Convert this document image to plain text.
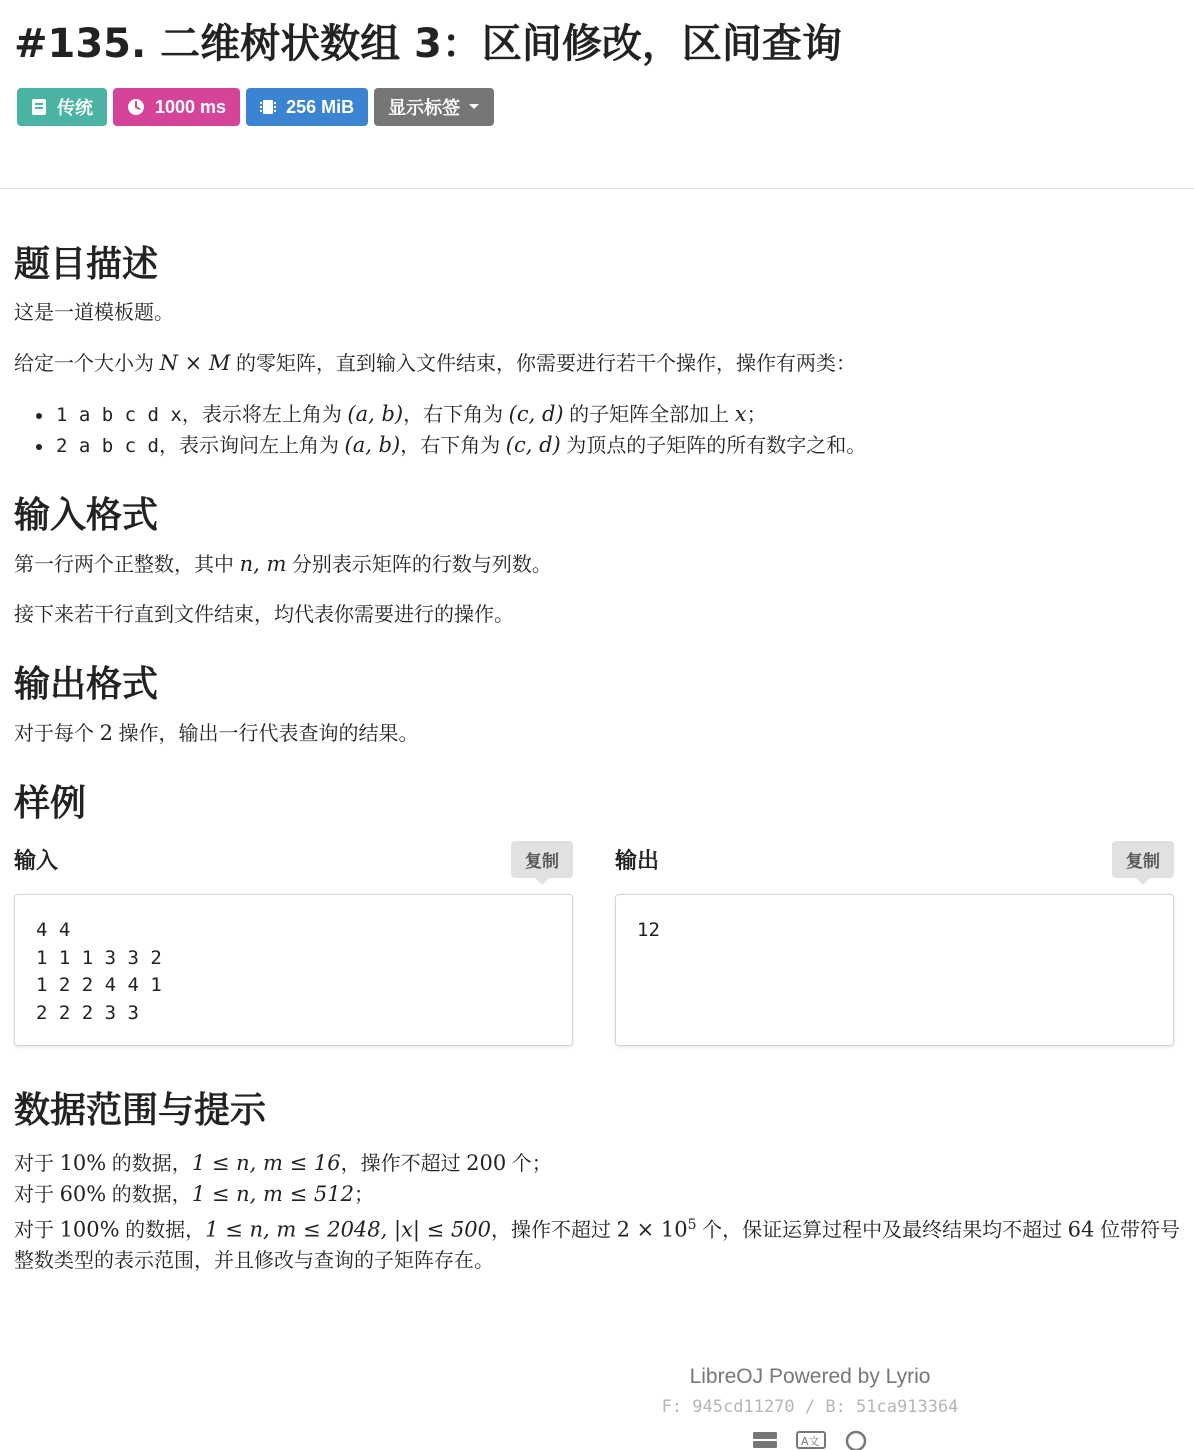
#135. 二维树状数组 3：区间修改，区间查询
传统	1000 ms	256 MiB 显示标签
题目描述

这是一道模板题。

给定一个大小为 N × M 的零矩阵，直到输入文件结束，你需要进行若干个操作，操作有两类：

• 1 a b c d x，表示将左上角为 (a, b)，右下角为 (c, d) 的子矩阵全部加上 x；
• 2 a b c d，表示询问左上角为 (a, b)，右下角为 (c, d) 为顶点的子矩阵的所有数字之和。
输入格式

第一行两个正整数，其中 n, m 分别表示矩阵的行数与列数。

接下来若干行直到文件结束，均代表你需要进行的操作。

输出格式

对于每个 2 操作，输出一行代表查询的结果。

样例
输入	复制
4 4
1 1 1 3 3 2
1 2 2 4 4 1
2 2 2 3 3
输出	复制
12
数据范围与提示

对于 10% 的数据，1 ≤ n, m ≤ 16，操作不超过 200 个；

对于 60% 的数据，1 ≤ n, m ≤ 512；

对于 100% 的数据，1 ≤ n, m ≤ 2048, |x| ≤ 500，操作不超过 $2 \times 10^5$ 个，保证运算过程中及最终结果均不超过 64 位带符号整数类型的表示范围，并且修改与查询的子矩阵存在。

LibreOJ Powered by Lyrio
F: 945cd11270 / B: 51ca913364
A文
